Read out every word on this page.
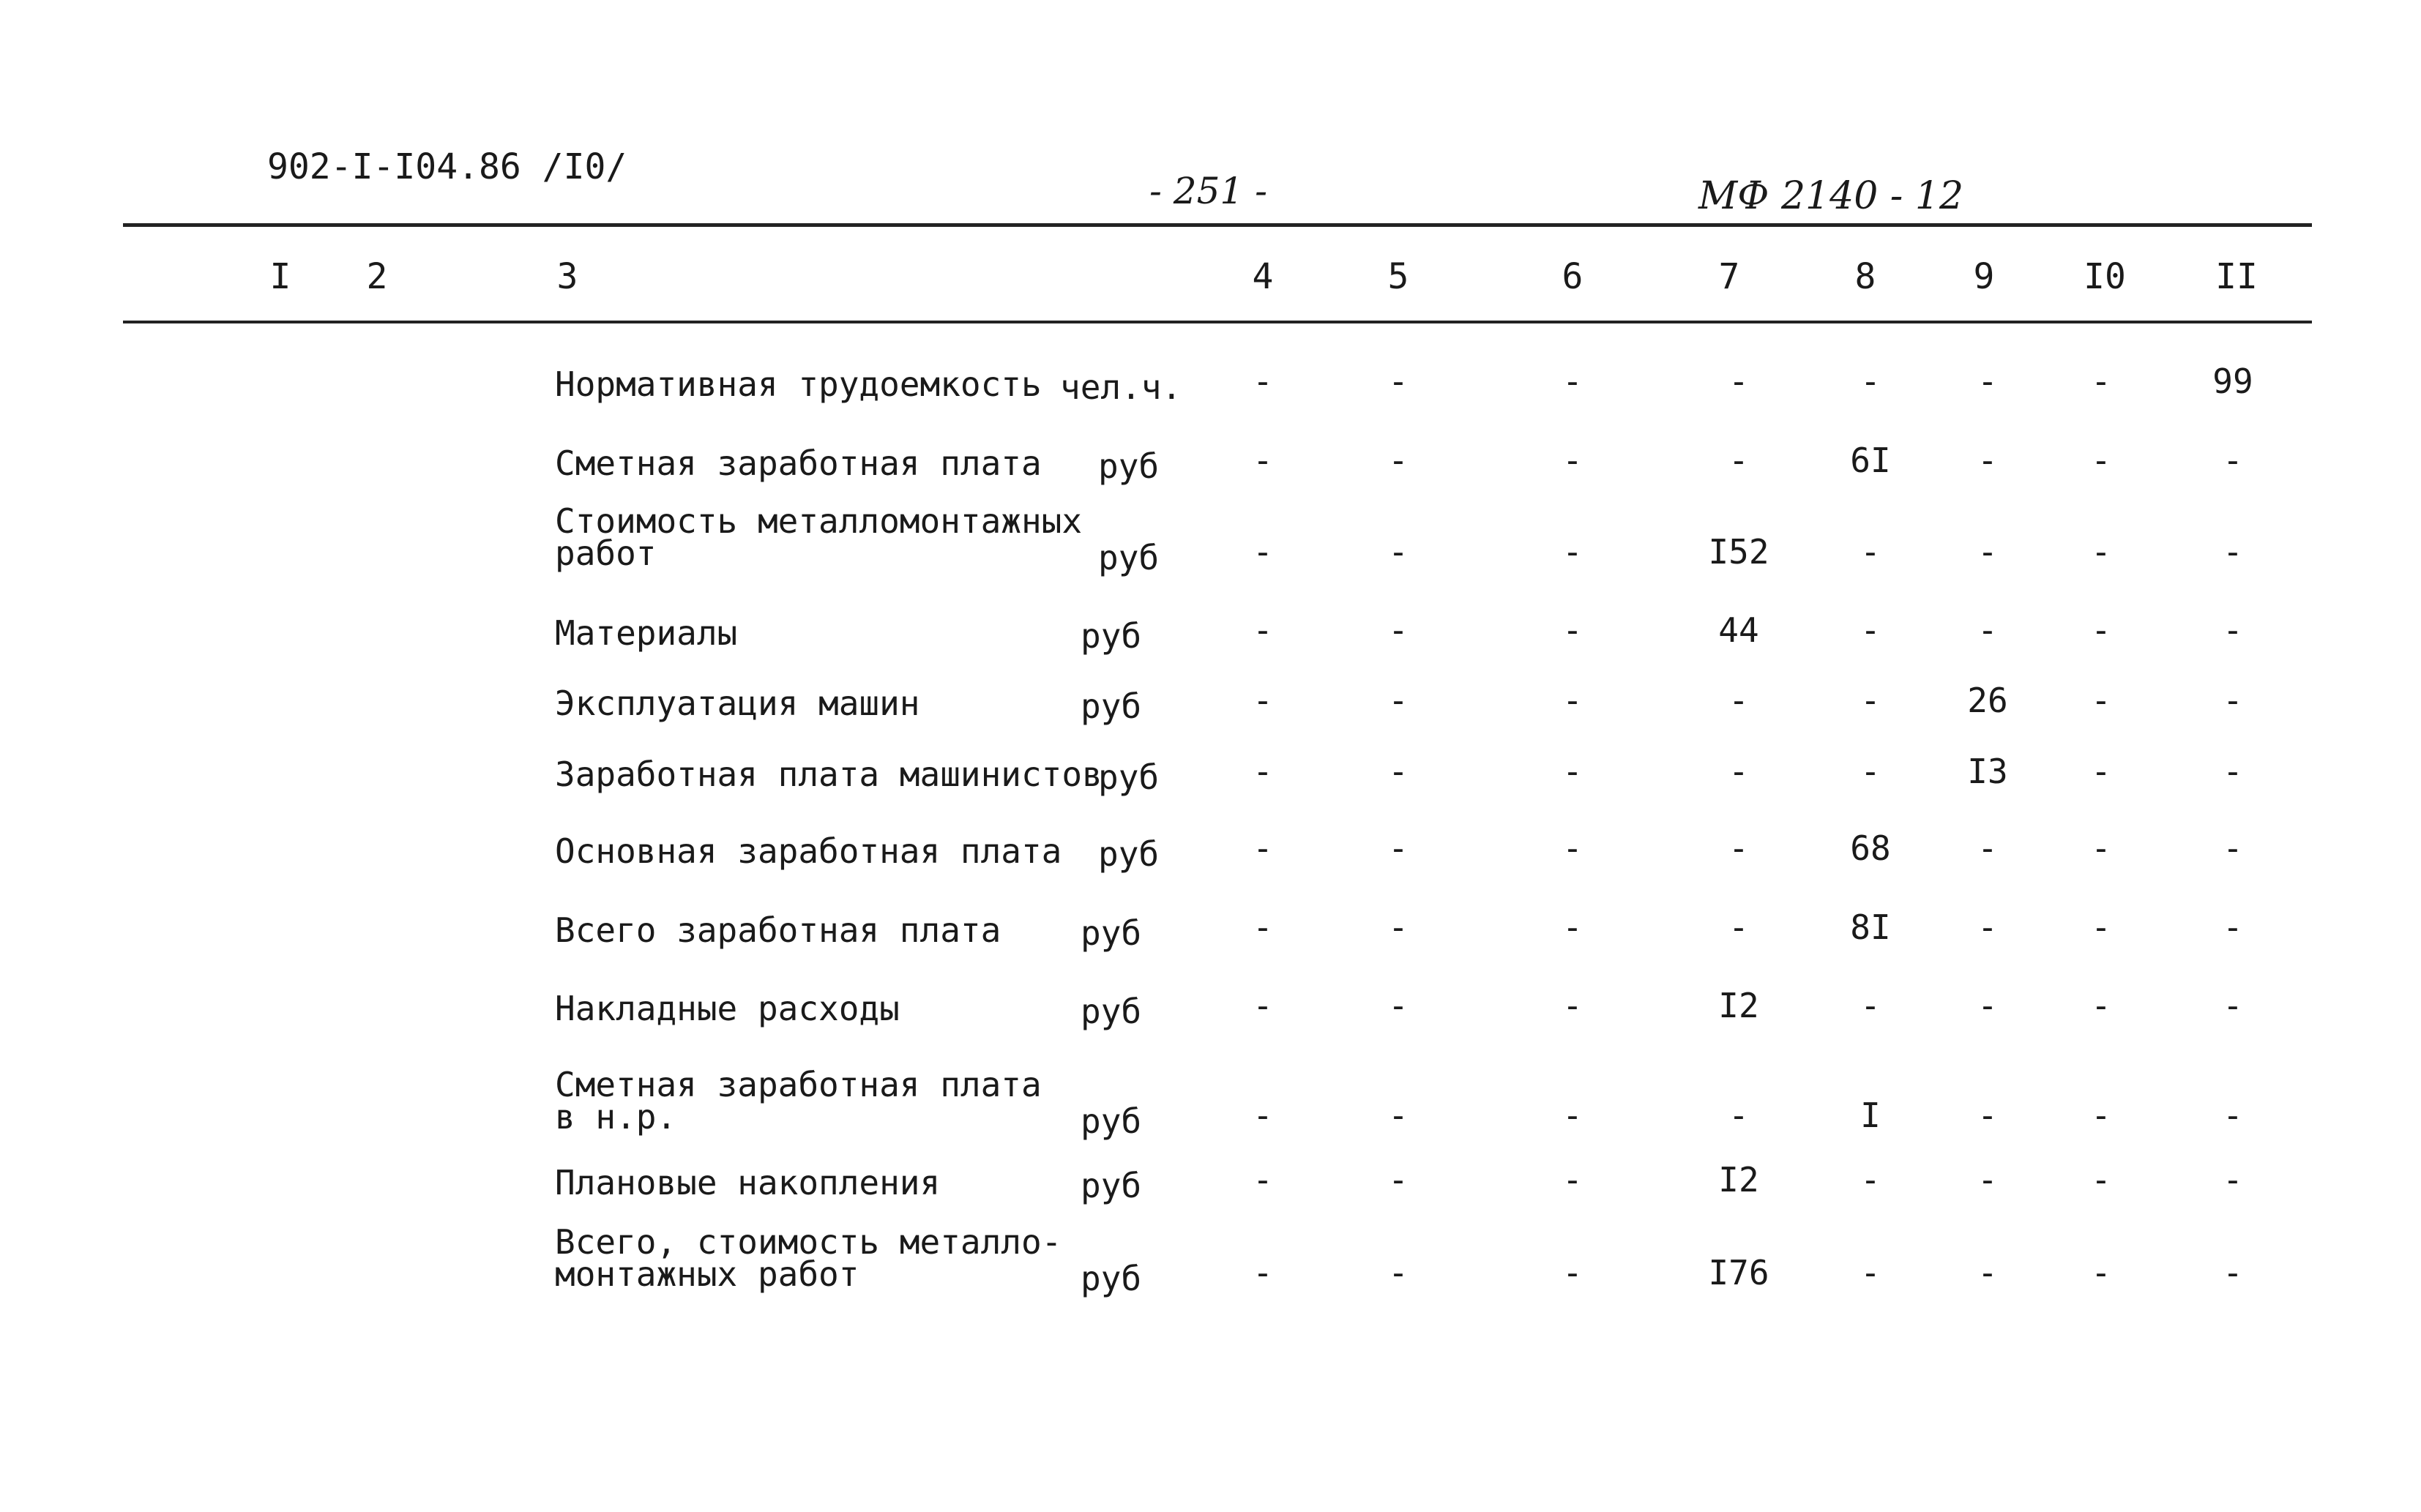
902-I-I04.86 /I0/
- 251 -	МФ 2140 - 12
I 2	3	4	5	6	7	8	9	I0	II
Нормативная трудоемкость чел.ч. -	-	-	-	-	-	-	99
Сметная заработная плата руб	-	-	-	-	6I	-	-	-
Стоимость металломонтажных
работ	руб	-	-	-	I52	-	-	-	-
Материалы	руб	-	-	-	44	-	-	-	-
Эксплуатация машин	руб	-	-	-	-	-	26 -	-
Заработная плата машинистов
руб	-	-	-	-	-	I3 -	-
Основная заработная плата руб	-	-	-	-	68	-	-	-
Всего заработная плата руб	-	-	-	-	8I	-	-	-
Накладные расходы	руб	-	-	-	I2	-	-	-	-
Сметная заработная плата
в н.р.	руб	-	-	-	-	I	-	-	-
Плановые накопления	руб	-	-	-	I2	-	-	-	-
Всего, стоимость металло-
монтажных работ	руб	-	-	-	I76	-	-	-	-
